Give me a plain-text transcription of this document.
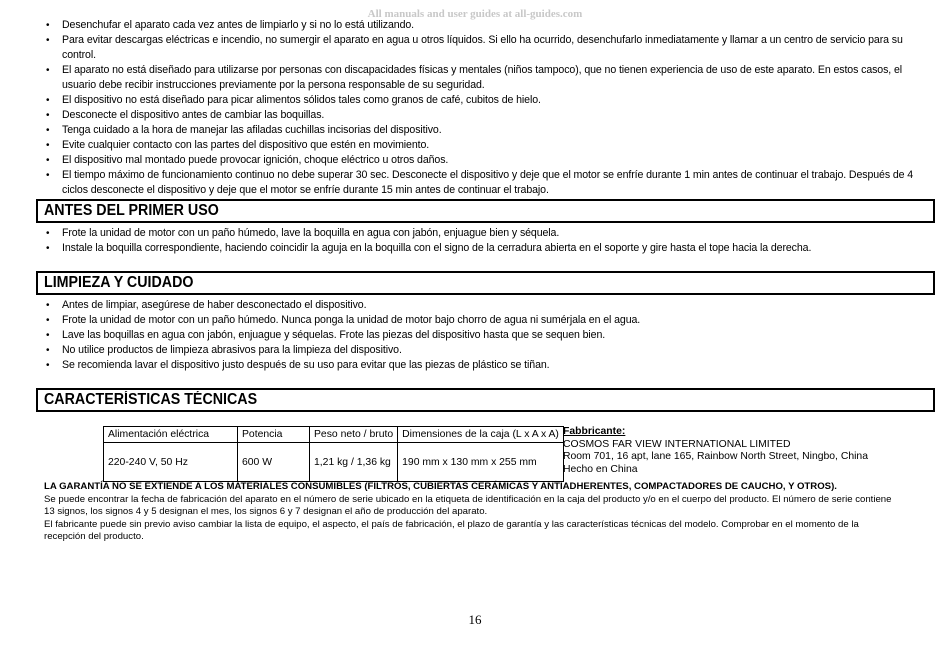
All manuals and user guides at all-guides.com
• Desenchufar el aparato cada vez antes de limpiarlo y si no lo está utilizando.
• Para evitar descargas eléctricas e incendio, no sumergir el aparato en agua u otros líquidos. Si ello ha ocurrido, desenchufarlo inmediatamente y llamar a un centro de servicio para su control.
• El aparato no está diseñado para utilizarse por personas con discapacidades físicas y mentales (niños tampoco), que no tienen experiencia de uso de este aparato. En estos casos, el usuario debe recibir instrucciones previamente por la persona responsable de su seguridad.
• El dispositivo no está diseñado para picar alimentos sólidos tales como granos de café, cubitos de hielo.
• Desconecte el dispositivo antes de cambiar las boquillas.
• Tenga cuidado a la hora de manejar las afiladas cuchillas incisorias del dispositivo.
• Evite cualquier contacto con las partes del dispositivo que estén en movimiento.
• El dispositivo mal montado puede provocar ignición, choque eléctrico u otros daños.
• El tiempo máximo de funcionamiento continuo no debe superar 30 sec. Desconecte el dispositivo y deje que el motor se enfríe durante 1 min antes de continuar el trabajo. Después de 4 ciclos desconecte el dispositivo y deje que el motor se enfríe durante 15 min antes de continuar el trabajo.
ANTES DEL PRIMER USO
• Frote la unidad de motor con un paño húmedo, lave la boquilla en agua con jabón, enjuague bien y séquela.
• Instale la boquilla correspondiente, haciendo coincidir la aguja en la boquilla con el signo de la cerradura abierta en el soporte y gire hasta el tope hacia la derecha.
LIMPIEZA Y CUIDADO
• Antes de limpiar, asegúrese de haber desconectado el dispositivo.
• Frote la unidad de motor con un paño húmedo. Nunca ponga la unidad de motor bajo chorro de agua ni sumérjala en el agua.
• Lave las boquillas en agua con jabón, enjuague y séquelas. Frote las piezas del dispositivo hasta que se sequen bien.
• No utilice productos de limpieza abrasivos para la limpieza del dispositivo.
• Se recomienda lavar el dispositivo justo después de su uso para evitar que las piezas de plástico se tiñan.
CARACTERÍSTICAS TÉCNICAS
Alimentación eléctrica	Potencia	Peso neto / bruto	Dimensiones de la caja (L x A x A)
220-240 V, 50 Hz	600 W	1,21 kg / 1,36 kg	190 mm x 130 mm x 255 mm
Fabbricante:
COSMOS FAR VIEW INTERNATIONAL LIMITED
Room 701, 16 apt, lane 165, Rainbow North Street, Ningbo, China
Hecho en China
LA GARANTÍA NO SE EXTIENDE A LOS MATERIALES CONSUMIBLES (FILTROS, CUBIERTAS CERÁMICAS Y ANTIADHERENTES, COMPACTADORES DE CAUCHO, Y OTROS).
Se puede encontrar la fecha de fabricación del aparato en el número de serie ubicado en la etiqueta de identificación en la caja del producto y/o en el cuerpo del producto. El número de serie contiene 13 signos, los signos 4 y 5 designan el mes, los signos 6 y 7 designan el año de producción del aparato.
El fabricante puede sin previo aviso cambiar la lista de equipo, el aspecto, el país de fabricación, el plazo de garantía y las características técnicas del modelo. Comprobar en el momento de la recepción del producto.
16
